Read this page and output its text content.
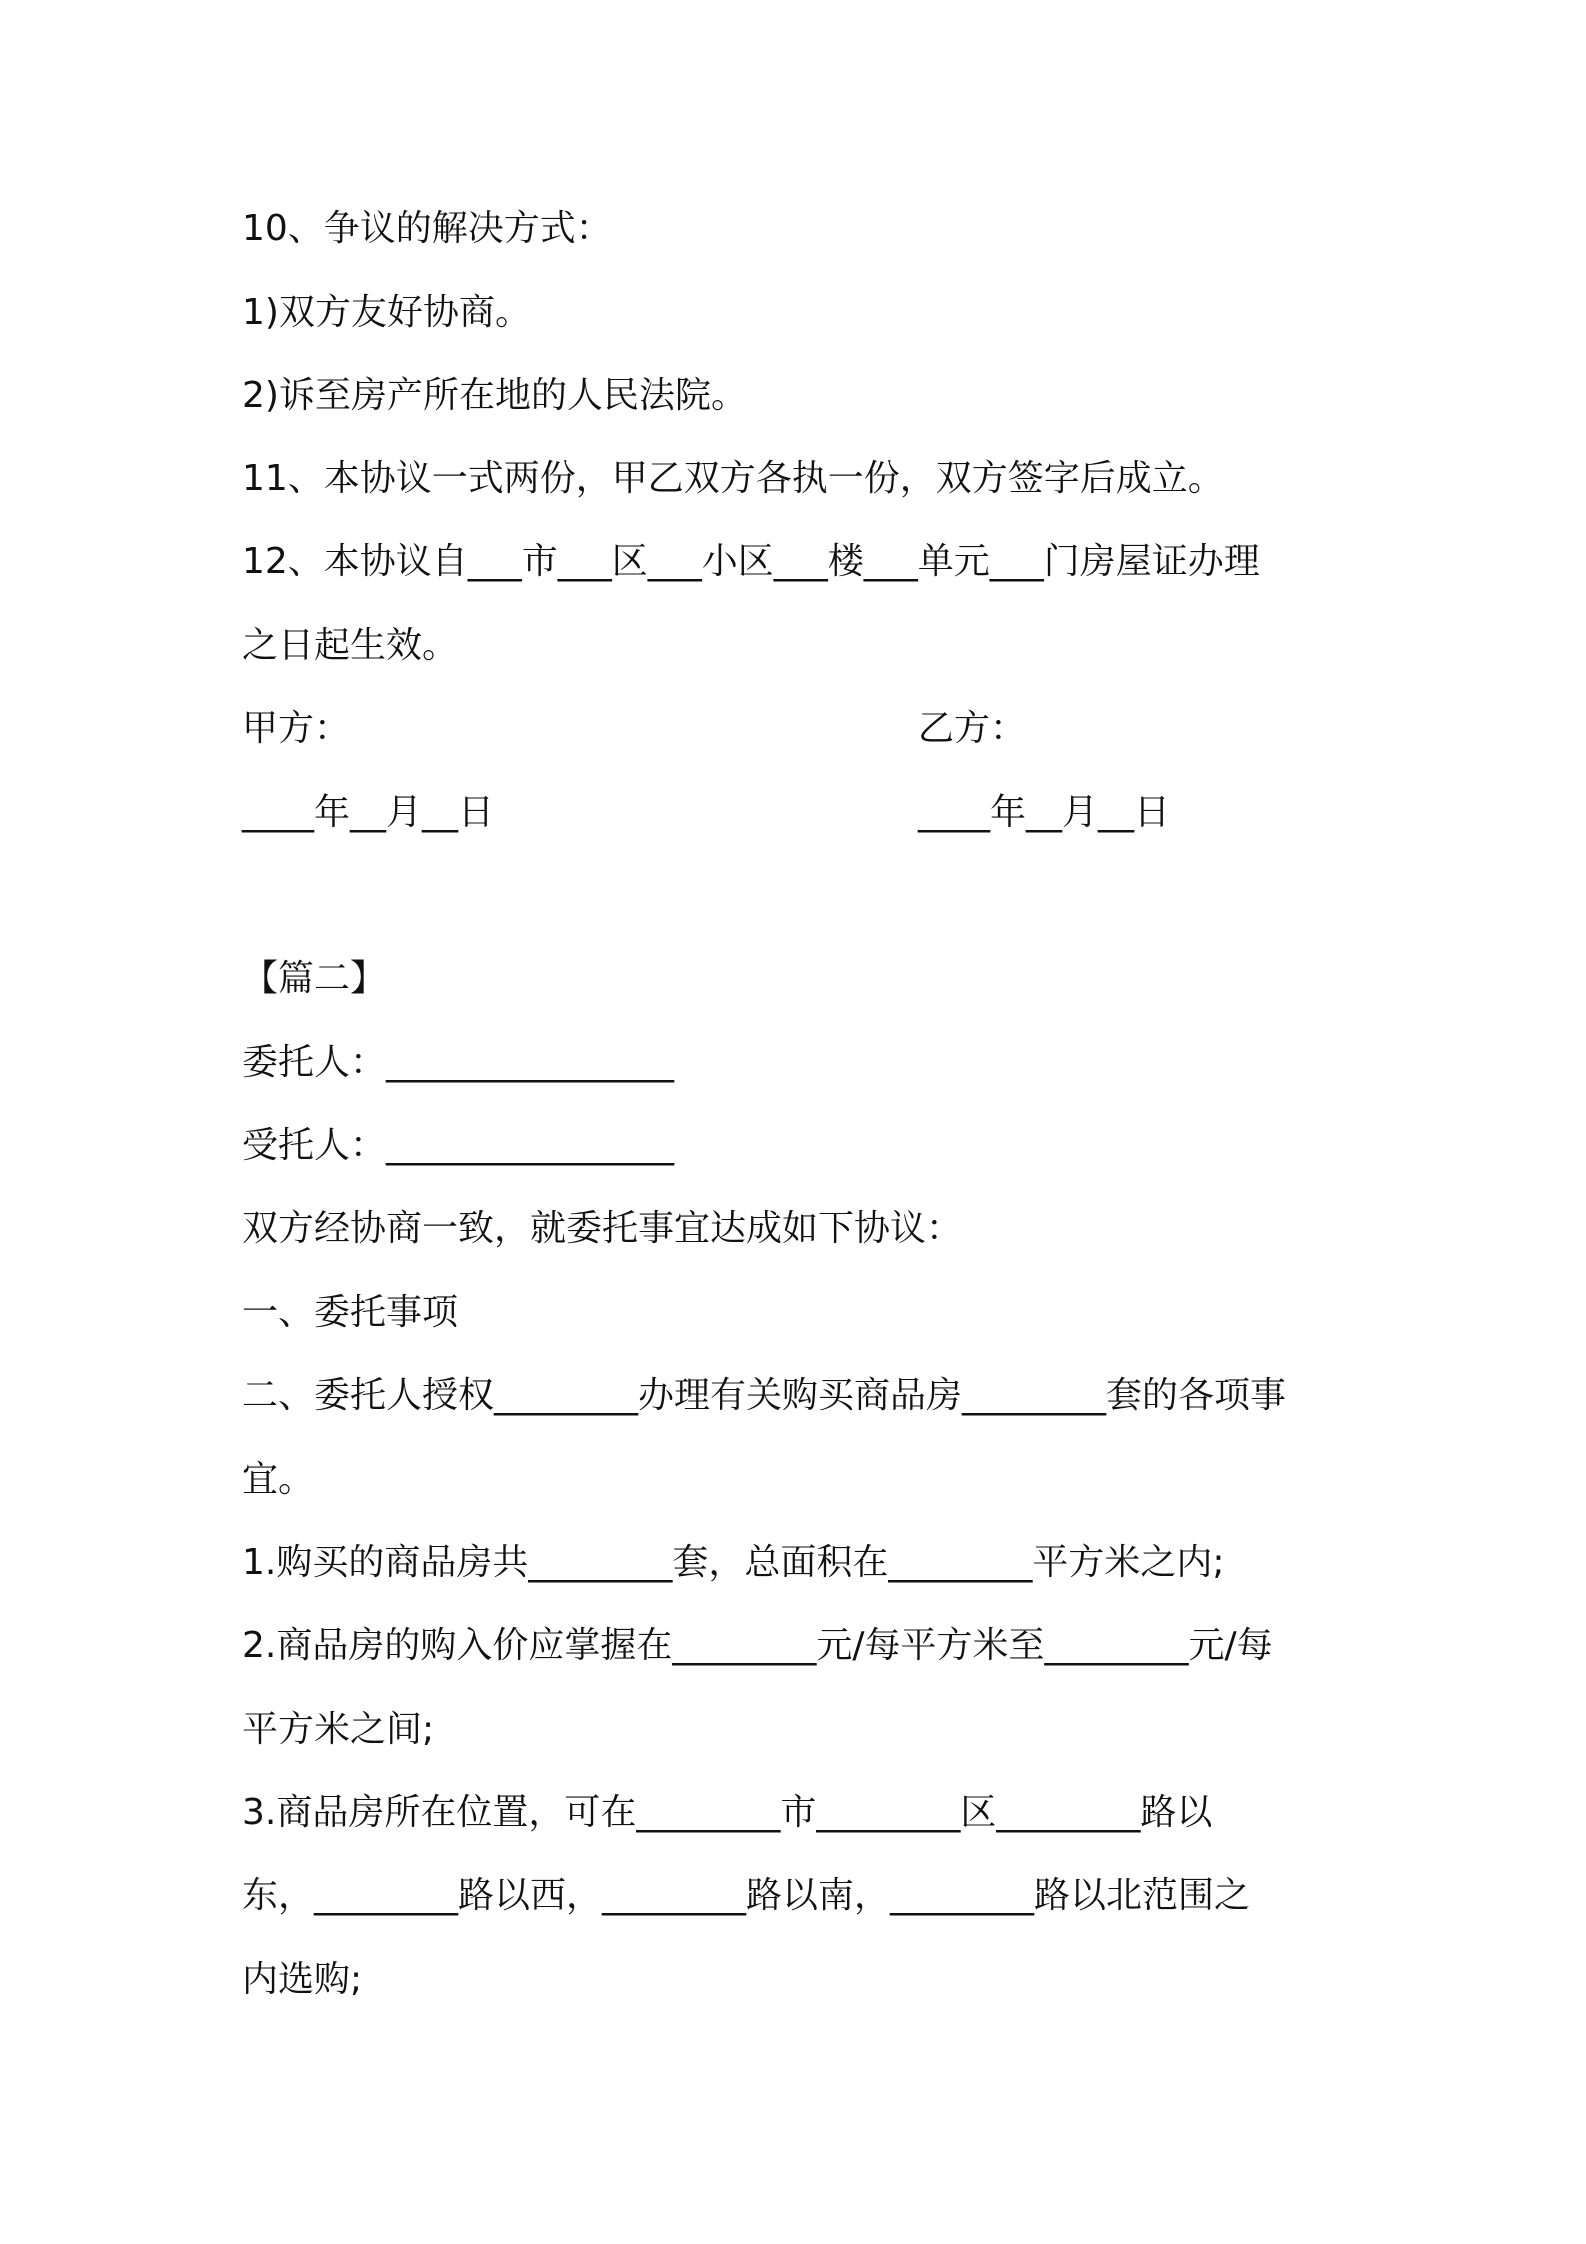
10、争议的解决方式：
1)双方友好协商。
2)诉至房产所在地的人民法院。
11、本协议一式两份，甲乙双方各执一份，双方签字后成立。
12、本协议自___市___区___小区___楼___单元___门房屋证办理
之日起生效。
甲方：	乙方：
____年__月__日	____年__月__日
【篇二】
委托人：________________
受托人：________________
双方经协商一致，就委托事宜达成如下协议：
一、委托事项
二、委托人授权________办理有关购买商品房________套的各项事
宜。
1.购买的商品房共________套，总面积在________平方米之内;
2.商品房的购入价应掌握在________元/每平方米至________元/每
平方米之间;
3.商品房所在位置，可在________市________区________路以
东，________路以西，________路以南，________路以北范围之
内选购;
